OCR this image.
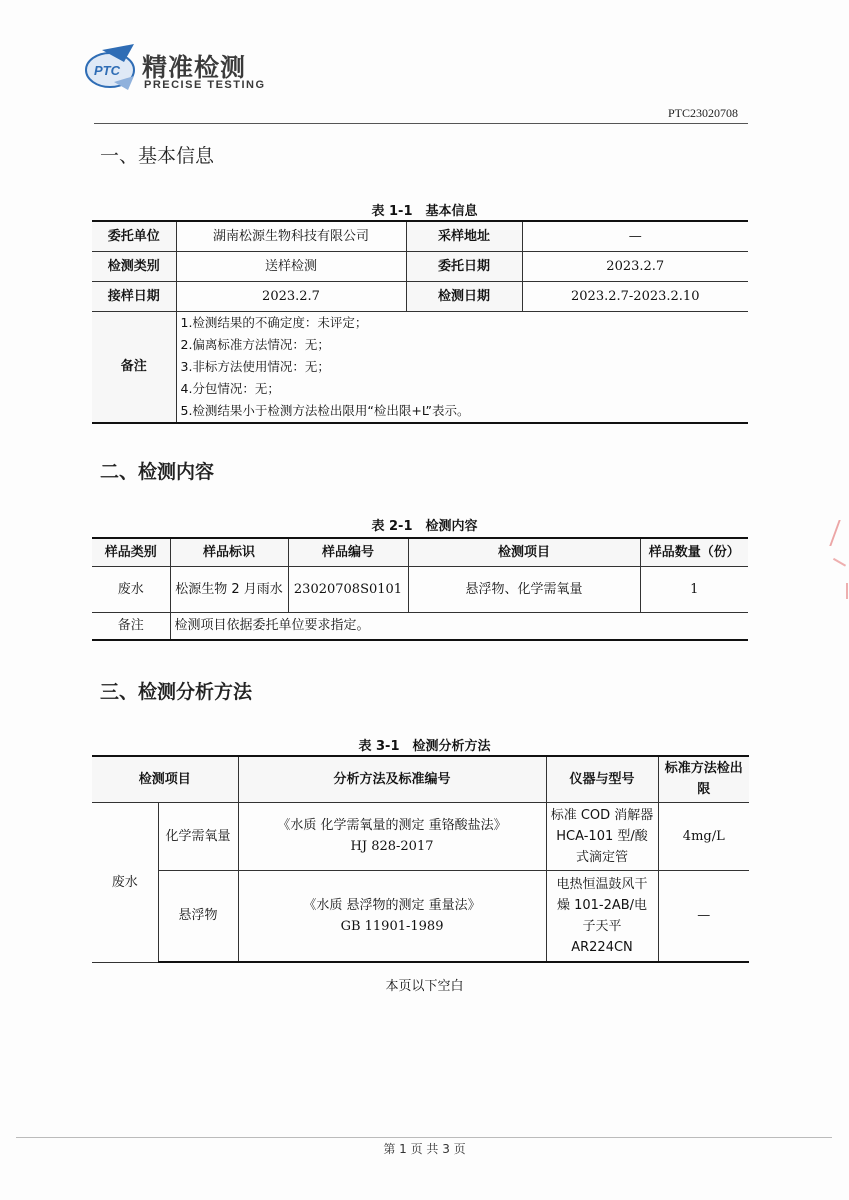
PTC 精准检测
PRECISE TESTING
PTC23020708
一、基本信息
表 1-1　基本信息
委托单位	湖南松源生物科技有限公司	采样地址	—
检测类别	送样检测	委托日期	2023.2.7
接样日期	2023.2.7	检测日期	2023.2.7-2023.2.10
备注	1.检测结果的不确定度：未评定；
2.偏离标准方法情况：无；
3.非标方法使用情况：无；
4.分包情况：无；
5.检测结果小于检测方法检出限用“检出限+L”表示。		
二、检测内容
表 2-1　检测内容
样品类别	样品标识	样品编号	检测项目	样品数量（份）
废水	松源生物 2 月雨水	23020708S0101	悬浮物、化学需氧量	1
备注	检测项目依据委托单位要求指定。			
三、检测分析方法
表 3-1　检测分析方法
检测项目		分析方法及标准编号	仪器与型号	标准方法检出限
废水	化学需氧量	《水质 化学需氧量的测定 重铬酸盐法》
HJ 828-2017	标准 COD 消解器 HCA-101 型/酸式滴定管	4mg/L
	悬浮物	《水质 悬浮物的测定 重量法》
GB 11901-1989	电热恒温鼓风干燥 101-2AB/电子天平 AR224CN	—
本页以下空白
第 1 页 共 3 页
